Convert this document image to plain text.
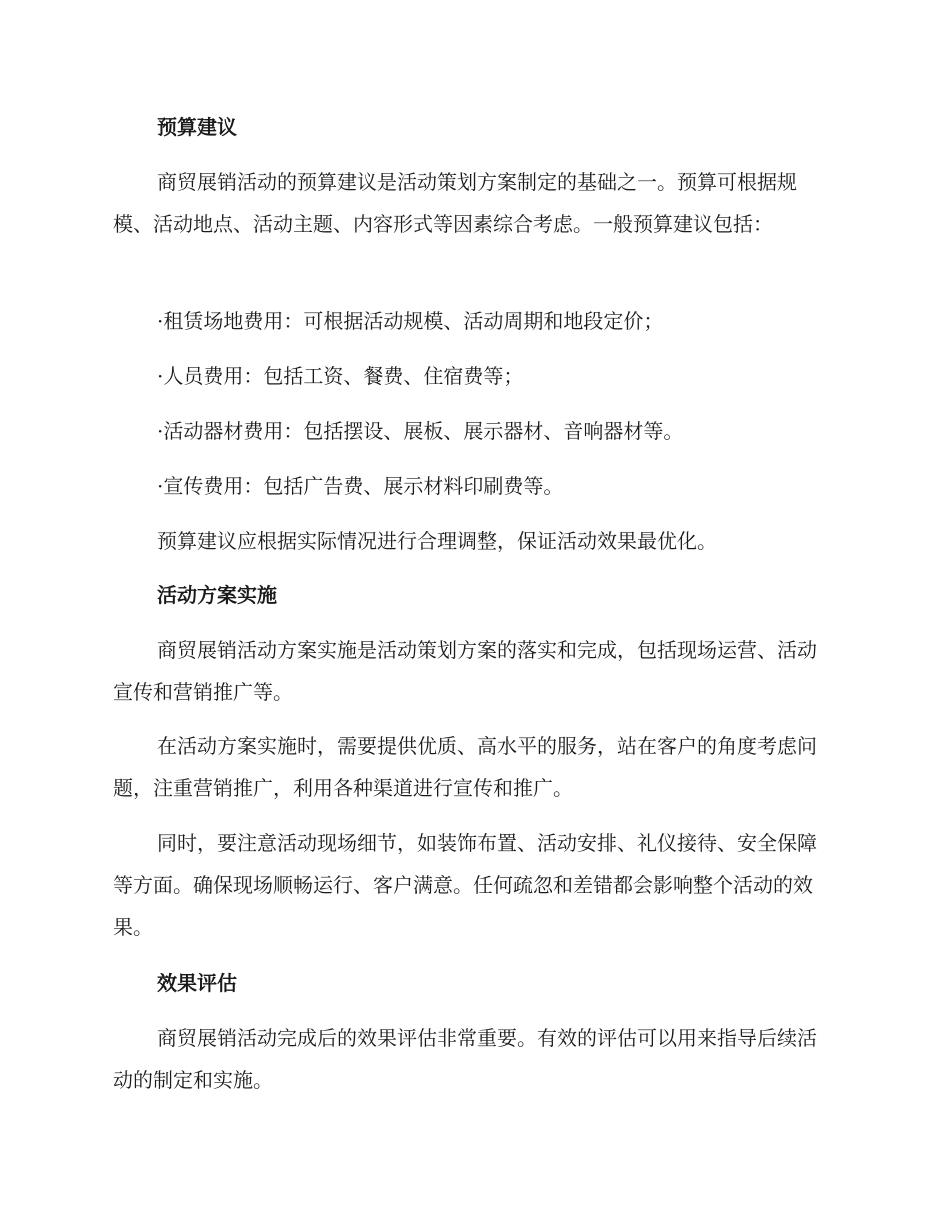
预算建议

商贸展销活动的预算建议是活动策划方案制定的基础之一。预算可根据规模、活动地点、活动主题、内容形式等因素综合考虑。一般预算建议包括：

·租赁场地费用：可根据活动规模、活动周期和地段定价；

·人员费用：包括工资、餐费、住宿费等；

·活动器材费用：包括摆设、展板、展示器材、音响器材等。

·宣传费用：包括广告费、展示材料印刷费等。

预算建议应根据实际情况进行合理调整，保证活动效果最优化。

活动方案实施

商贸展销活动方案实施是活动策划方案的落实和完成，包括现场运营、活动宣传和营销推广等。

在活动方案实施时，需要提供优质、高水平的服务，站在客户的角度考虑问题，注重营销推广，利用各种渠道进行宣传和推广。

同时，要注意活动现场细节，如装饰布置、活动安排、礼仪接待、安全保障等方面。确保现场顺畅运行、客户满意。任何疏忽和差错都会影响整个活动的效果。

效果评估

商贸展销活动完成后的效果评估非常重要。有效的评估可以用来指导后续活动的制定和实施。
